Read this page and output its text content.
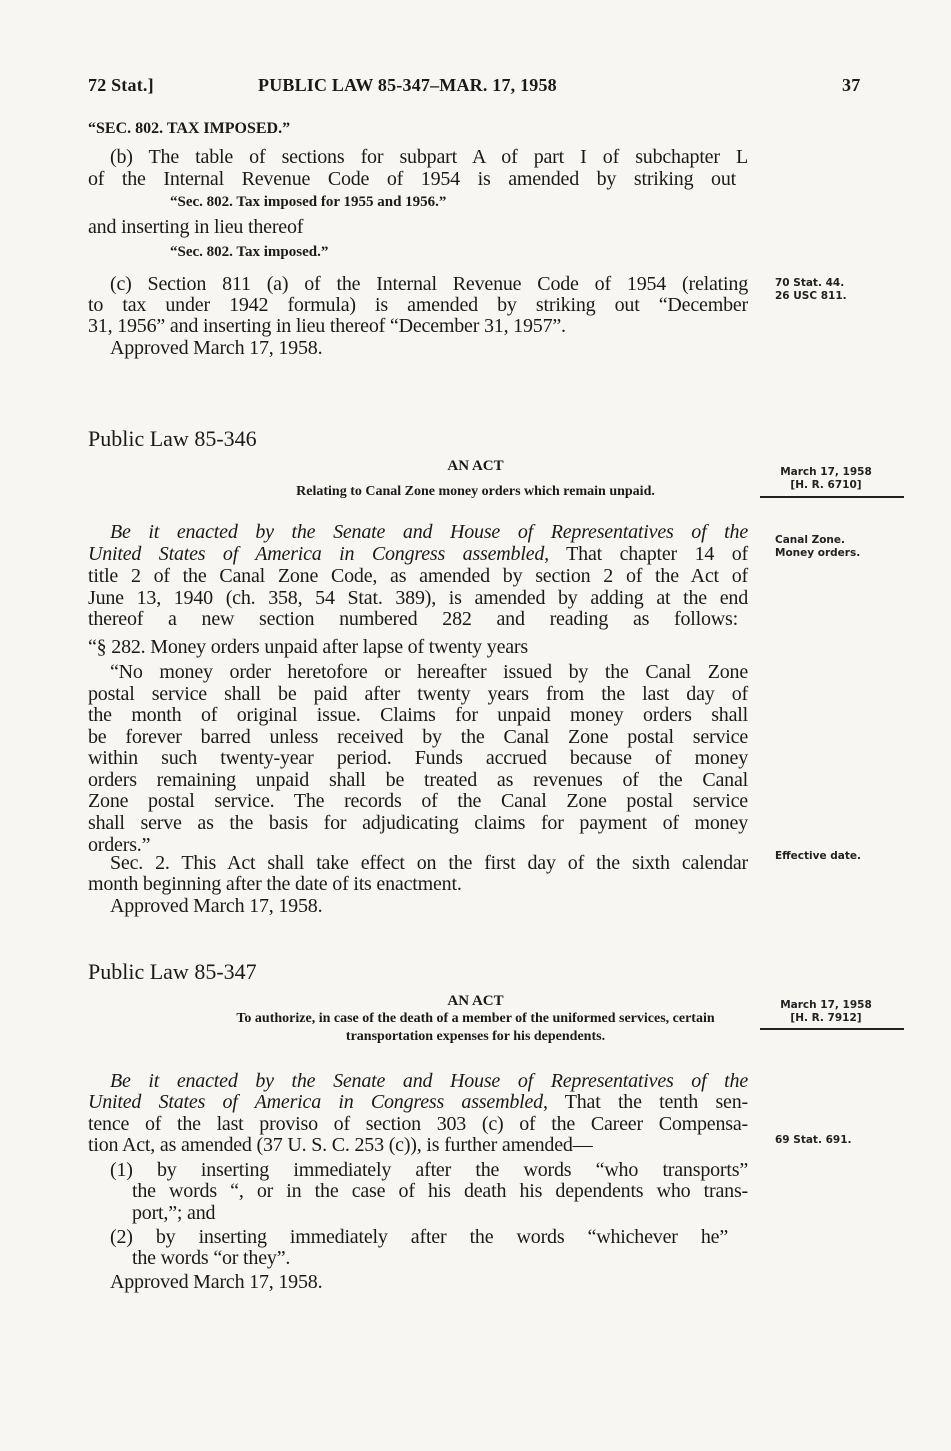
72 Stat.]	PUBLIC LAW 85-347–MAR. 17, 1958	37
“SEC. 802. TAX IMPOSED.”
(b) The table of sections for subpart A of part I of subchapter L
of the Internal Revenue Code of 1954 is amended by striking out
“Sec. 802. Tax imposed for 1955 and 1956.”
and inserting in lieu thereof
“Sec. 802. Tax imposed.”
(c) Section 811 (a) of the Internal Revenue Code of 1954 (relating
to tax under 1942 formula) is amended by striking out “December
31, 1956” and inserting in lieu thereof “December 31, 1957”.
Approved March 17, 1958.
70 Stat. 44.
26 USC 811.
Public Law 85-346
AN ACT
Relating to Canal Zone money orders which remain unpaid.
March 17, 1958
[H. R. 6710]
Canal Zone.
Money orders.
Be it enacted by the Senate and House of Representatives of the
United States of America in Congress assembled, That chapter 14 of
title 2 of the Canal Zone Code, as amended by section 2 of the Act of
June 13, 1940 (ch. 358, 54 Stat. 389), is amended by adding at the end
thereof a new section numbered 282 and reading as follows:
“§ 282. Money orders unpaid after lapse of twenty years
“No money order heretofore or hereafter issued by the Canal Zone
postal service shall be paid after twenty years from the last day of
the month of original issue. Claims for unpaid money orders shall
be forever barred unless received by the Canal Zone postal service
within such twenty-year period. Funds accrued because of money
orders remaining unpaid shall be treated as revenues of the Canal
Zone postal service. The records of the Canal Zone postal service
shall serve as the basis for adjudicating claims for payment of money
orders.”
Sec. 2. This Act shall take effect on the first day of the sixth calendar
month beginning after the date of its enactment.
Effective date.
Approved March 17, 1958.
Public Law 85-347
AN ACT
To authorize, in case of the death of a member of the uniformed services, certain
transportation expenses for his dependents.
March 17, 1958
[H. R. 7912]
Be it enacted by the Senate and House of Representatives of the
United States of America in Congress assembled, That the tenth sen-
tence of the last proviso of section 303 (c) of the Career Compensa-
tion Act, as amended (37 U. S. C. 253 (c)), is further amended—	69 Stat. 691.
(1) by inserting immediately after the words “who transports”
the words “, or in the case of his death his dependents who trans-
port,”; and
(2) by inserting immediately after the words “whichever he”
the words “or they”.
Approved March 17, 1958.
